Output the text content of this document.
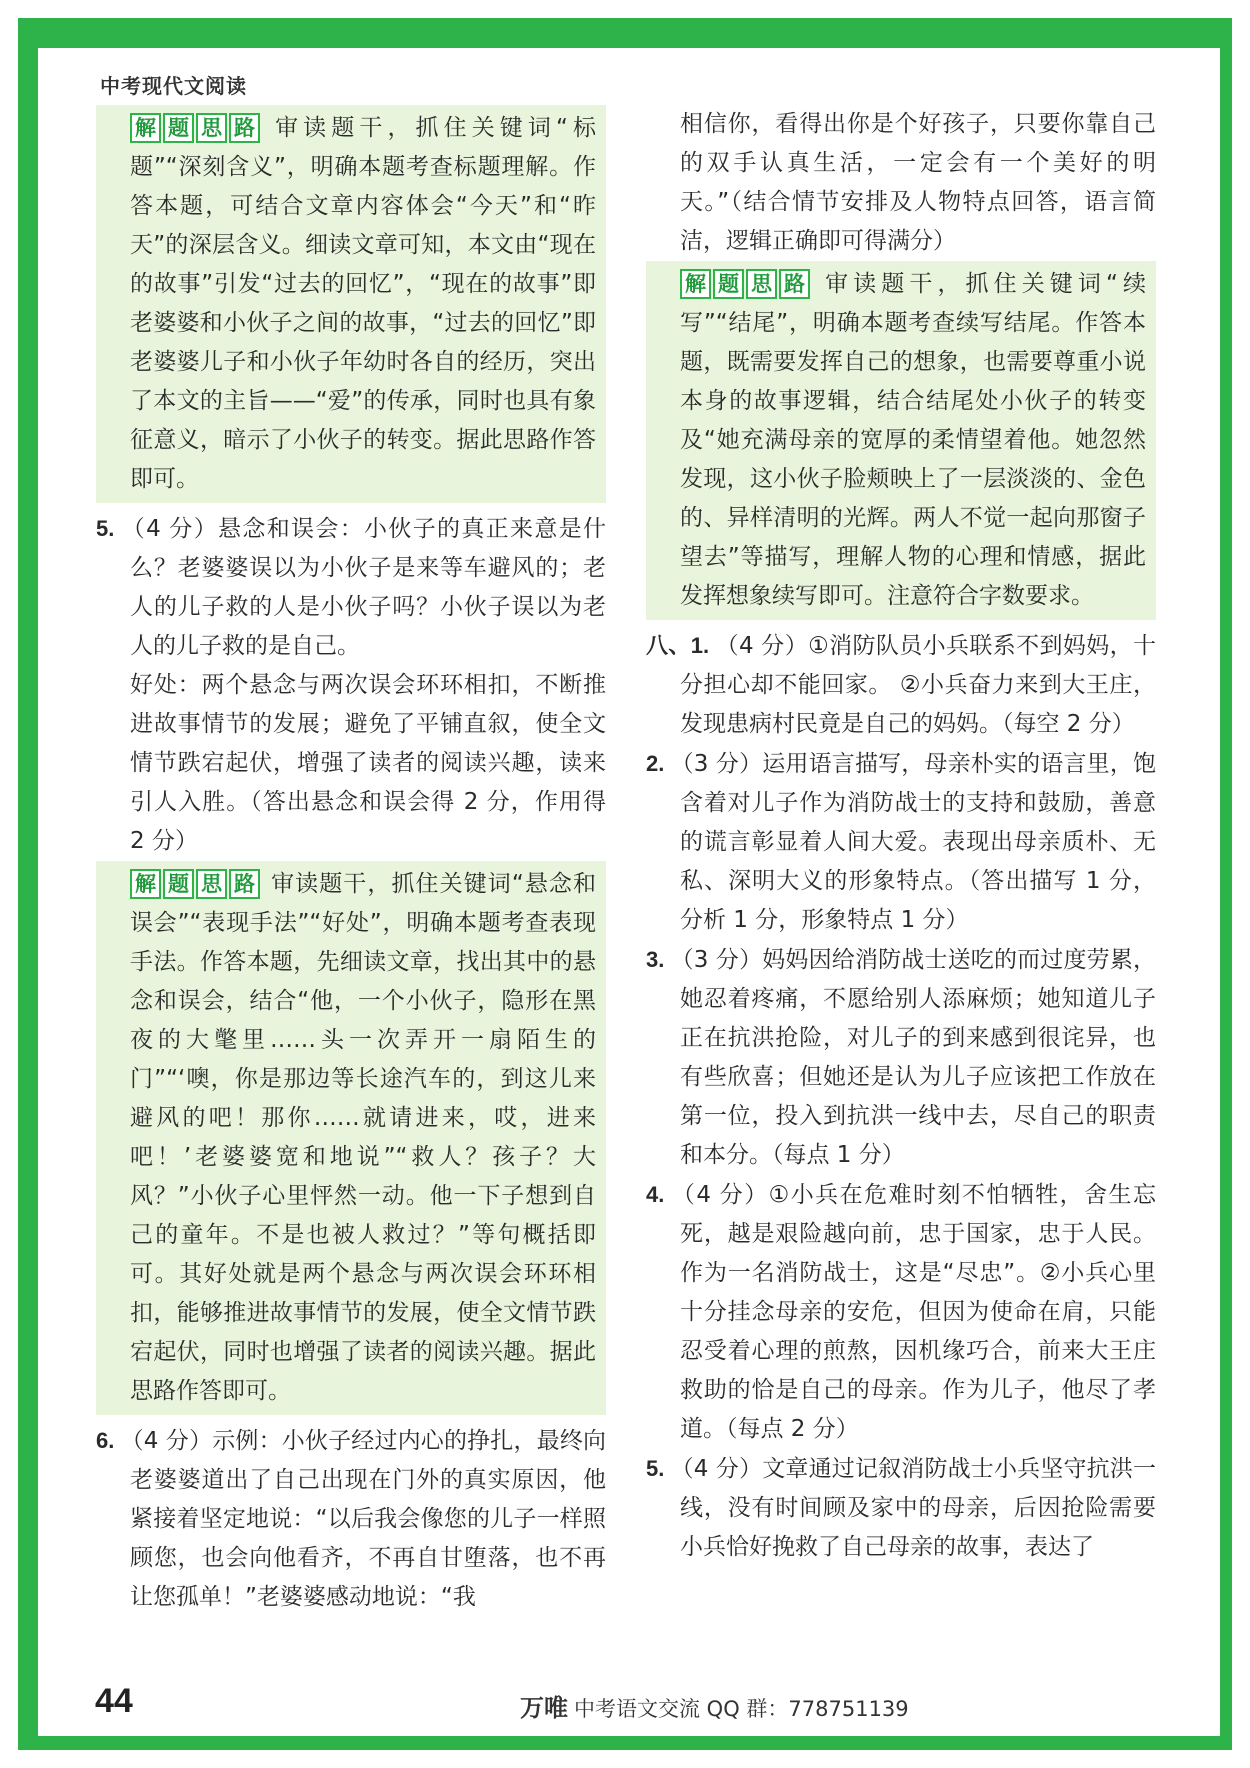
中考现代文阅读

解 题 思 路 审读题干，抓住关键词“标题”“深刻含义”，明确本题考查标题理解。作答本题，可结合文章内容体会“今天”和“昨天”的深层含义。细读文章可知，本文由“现在的故事”引发“过去的回忆”，“现在的故事”即老婆婆和小伙子之间的故事，“过去的回忆”即老婆婆儿子和小伙子年幼时各自的经历，突出了本文的主旨——“爱”的传承，同时也具有象征意义，暗示了小伙子的转变。据此思路作答即可。

5. （4 分）悬念和误会：小伙子的真正来意是什么？老婆婆误以为小伙子是来等车避风的；老人的儿子救的人是小伙子吗？小伙子误以为老人的儿子救的是自己。

好处：两个悬念与两次误会环环相扣，不断推进故事情节的发展；避免了平铺直叙，使全文情节跌宕起伏，增强了读者的阅读兴趣，读来引人入胜。（答出悬念和误会得 2 分，作用得 2 分）

解 题 思 路 审读题干，抓住关键词“悬念和误会”“表现手法”“好处”，明确本题考查表现手法。作答本题，先细读文章，找出其中的悬念和误会，结合“他，一个小伙子，隐形在黑夜的大氅里……头一次弄开一扇陌生的门”“‘噢，你是那边等长途汽车的，到这儿来避风的吧！那你……就请进来，哎，进来吧！’老婆婆宽和地说”“救人？孩子？大风？”小伙子心里怦然一动。他一下子想到自己的童年。不是也被人救过？”等句概括即可。其好处就是两个悬念与两次误会环环相扣，能够推进故事情节的发展，使全文情节跌宕起伏，同时也增强了读者的阅读兴趣。据此思路作答即可。

6. （4 分）示例：小伙子经过内心的挣扎，最终向老婆婆道出了自己出现在门外的真实原因，他紧接着坚定地说：“以后我会像您的儿子一样照顾您，也会向他看齐，不再自甘堕落，也不再让您孤单！”老婆婆感动地说：“我

相信你，看得出你是个好孩子，只要你靠自己的双手认真生活，一定会有一个美好的明天。”（结合情节安排及人物特点回答，语言简洁，逻辑正确即可得满分）

解 题 思 路 审读题干，抓住关键词“续写”“结尾”，明确本题考查续写结尾。作答本题，既需要发挥自己的想象，也需要尊重小说本身的故事逻辑，结合结尾处小伙子的转变及“她充满母亲的宽厚的柔情望着他。她忽然发现，这小伙子脸颊映上了一层淡淡的、金色的、异样清明的光辉。两人不觉一起向那窗子望去”等描写，理解人物的心理和情感，据此发挥想象续写即可。注意符合字数要求。

八、1. （4 分）①消防队员小兵联系不到妈妈，十分担心却不能回家。 ②小兵奋力来到大王庄，发现患病村民竟是自己的妈妈。（每空 2 分）

2. （3 分）运用语言描写，母亲朴实的语言里，饱含着对儿子作为消防战士的支持和鼓励，善意的谎言彰显着人间大爱。表现出母亲质朴、无私、深明大义的形象特点。（答出描写 1 分，分析 1 分，形象特点 1 分）

3. （3 分）妈妈因给消防战士送吃的而过度劳累，她忍着疼痛，不愿给别人添麻烦；她知道儿子正在抗洪抢险，对儿子的到来感到很诧异，也有些欣喜；但她还是认为儿子应该把工作放在第一位，投入到抗洪一线中去，尽自己的职责和本分。（每点 1 分）

4. （4 分）①小兵在危难时刻不怕牺牲，舍生忘死，越是艰险越向前，忠于国家，忠于人民。作为一名消防战士，这是“尽忠”。②小兵心里十分挂念母亲的安危，但因为使命在肩，只能忍受着心理的煎熬，因机缘巧合，前来大王庄救助的恰是自己的母亲。作为儿子，他尽了孝道。（每点 2 分）

5. （4 分）文章通过记叙消防战士小兵坚守抗洪一线，没有时间顾及家中的母亲，后因抢险需要小兵恰好挽救了自己母亲的故事，表达了

44	万唯 中考语文交流 QQ 群：778751139
